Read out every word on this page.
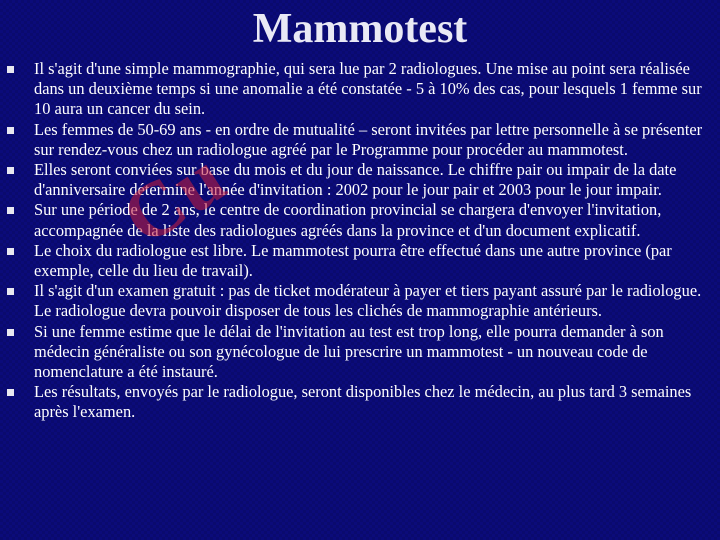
Mammotest
Il s'agit d'une simple mammographie, qui sera lue par 2 radiologues. Une mise au point sera réalisée dans un deuxième temps si une anomalie a été constatée - 5 à 10% des cas, pour lesquels 1 femme sur 10 aura un cancer du sein.
Les femmes de 50-69 ans - en ordre de mutualité – seront invitées par lettre personnelle à se présenter sur rendez-vous chez un radiologue agréé par le Programme pour procéder au mammotest.
Elles seront conviées sur base du mois et du jour de naissance. Le chiffre pair ou impair de la date d'anniversaire détermine l'année d'invitation : 2002 pour le jour pair et 2003 pour le jour impair.
Sur une période de 2 ans, le centre de coordination provincial se chargera d'envoyer l'invitation, accompagnée de la liste des radiologues agréés dans la province et d'un document explicatif.
Le choix du radiologue est libre. Le mammotest pourra être effectué dans une autre province (par exemple, celle du lieu de travail).
Il s'agit d'un examen gratuit : pas de ticket modérateur à payer et tiers payant assuré par le radiologue. Le radiologue devra pouvoir disposer de tous les clichés de mammographie antérieurs.
Si une femme estime que le délai de l'invitation au test est trop long, elle pourra demander à son médecin généraliste ou son gynécologue de lui prescrire un mammotest - un nouveau code de nomenclature a été instauré.
Les résultats, envoyés par le radiologue, seront disponibles chez le médecin, au plus tard 3 semaines après l'examen.
Cu
